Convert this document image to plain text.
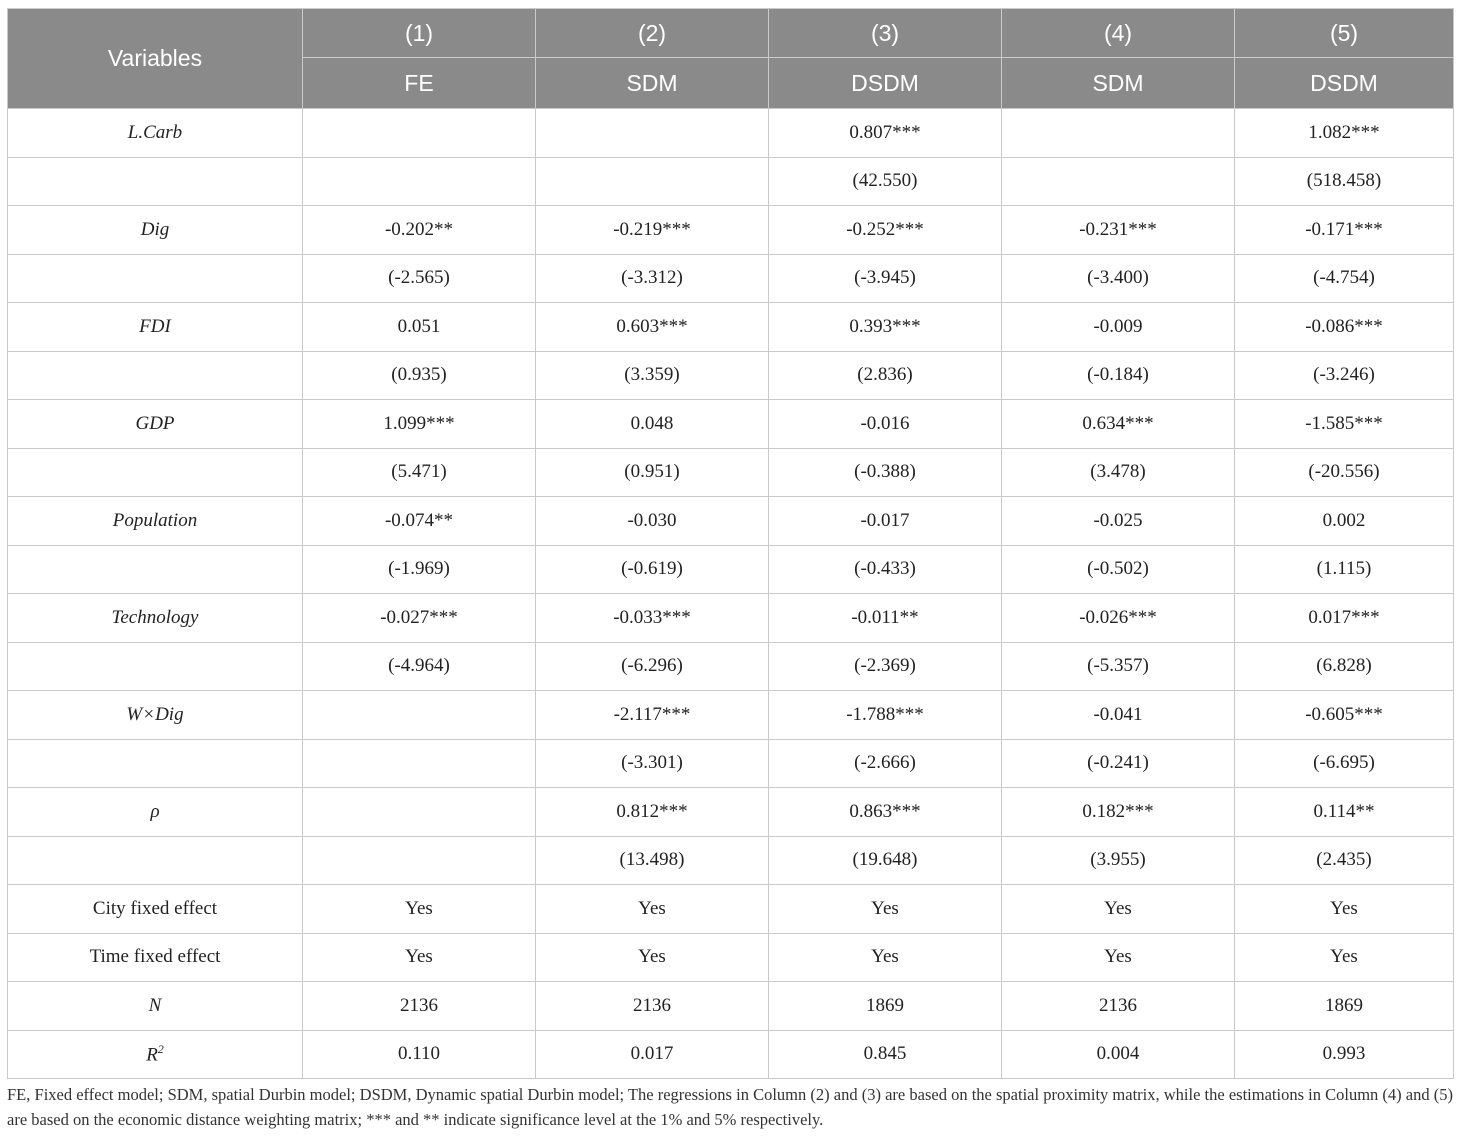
Variables	(1)	(2)	(3)	(4)	(5)
	FE	SDM	DSDM	SDM	DSDM
L.Carb			0.807***		1.082***
			(42.550)		(518.458)
Dig	-0.202**	-0.219***	-0.252***	-0.231***	-0.171***
	(-2.565)	(-3.312)	(-3.945)	(-3.400)	(-4.754)
FDI	0.051	0.603***	0.393***	-0.009	-0.086***
	(0.935)	(3.359)	(2.836)	(-0.184)	(-3.246)
GDP	1.099***	0.048	-0.016	0.634***	-1.585***
	(5.471)	(0.951)	(-0.388)	(3.478)	(-20.556)
Population	-0.074**	-0.030	-0.017	-0.025	0.002
	(-1.969)	(-0.619)	(-0.433)	(-0.502)	(1.115)
Technology	-0.027***	-0.033***	-0.011**	-0.026***	0.017***
	(-4.964)	(-6.296)	(-2.369)	(-5.357)	(6.828)
W×Dig		-2.117***	-1.788***	-0.041	-0.605***
		(-3.301)	(-2.666)	(-0.241)	(-6.695)
ρ		0.812***	0.863***	0.182***	0.114**
		(13.498)	(19.648)	(3.955)	(2.435)
City fixed effect	Yes	Yes	Yes	Yes	Yes
Time fixed effect	Yes	Yes	Yes	Yes	Yes
N	2136	2136	1869	2136	1869
$R^2$	0.110	0.017	0.845	0.004	0.993
FE, Fixed effect model; SDM, spatial Durbin model; DSDM, Dynamic spatial Durbin model; The regressions in Column (2) and (3) are based on the spatial proximity matrix, while the estimations in Column (4) and (5) are based on the economic distance weighting matrix; *** and ** indicate significance level at the 1% and 5% respectively.
